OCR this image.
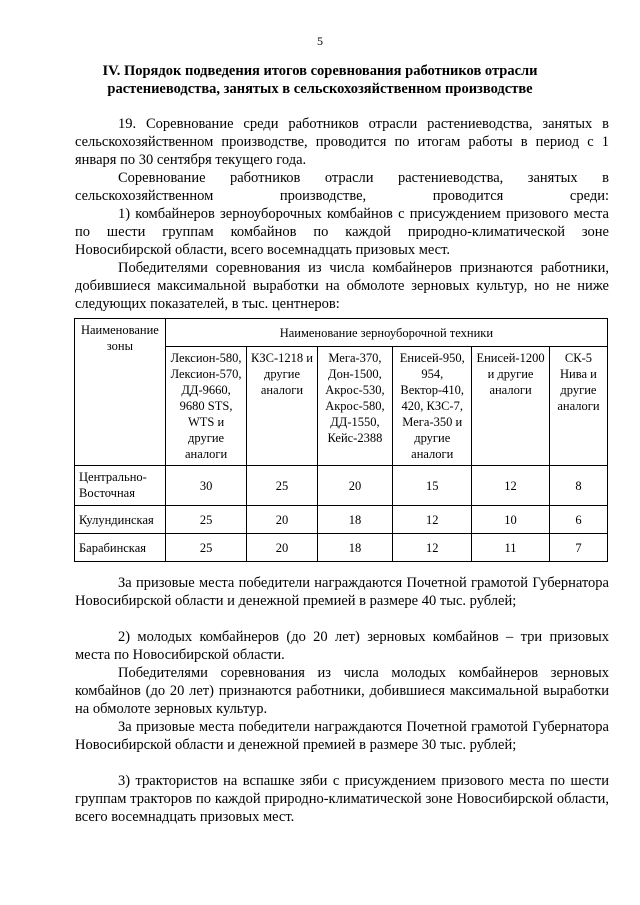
5
IV. Порядок подведения итогов соревнования работников отрасли растениеводства, занятых в сельскохозяйственном производстве

19. Соревнование среди работников отрасли растениеводства, занятых в сельскохозяйственном производстве, проводится по итогам работы в период с 1 января по 30 сентября текущего года.

Соревнование работников отрасли растениеводства, занятых в сельскохозяйственном производстве, проводится среди:

1) комбайнеров зерноуборочных комбайнов с присуждением призового места по шести группам комбайнов по каждой природно-климатической зоне Новосибирской области, всего восемнадцать призовых мест.

Победителями соревнования из числа комбайнеров признаются работники, добившиеся максимальной выработки на обмолоте зерновых культур, но не ниже следующих показателей, в тыс. центнеров:

Наименование зоны	Наименование зерноуборочной техники					
	Лексион-580, Лексион-570, ДД-9660, 9680 STS, WTS и другие аналоги	КЗС-1218 и другие аналоги	Мега-370, Дон-1500, Акрос-530, Акрос-580, ДД-1550, Кейс-2388	Енисей-950, 954, Вектор-410, 420, КЗС-7, Мега-350 и другие аналоги	Енисей-1200 и другие аналоги	СК-5 Нива и другие аналоги
Центрально-Восточная	30	25	20	15	12	8
Кулундинская	25	20	18	12	10	6
Барабинская	25	20	18	12	11	7

За призовые места победители награждаются Почетной грамотой Губернатора Новосибирской области и денежной премией в размере 40 тыс. рублей;

2) молодых комбайнеров (до 20 лет) зерновых комбайнов – три призовых места по Новосибирской области.

Победителями соревнования из числа молодых комбайнеров зерновых комбайнов (до 20 лет) признаются работники, добившиеся максимальной выработки на обмолоте зерновых культур.

За призовые места победители награждаются Почетной грамотой Губернатора Новосибирской области и денежной премией в размере 30 тыс. рублей;

3) трактористов на вспашке зяби с присуждением призового места по шести группам тракторов по каждой природно-климатической зоне Новосибирской области, всего восемнадцать призовых мест.
